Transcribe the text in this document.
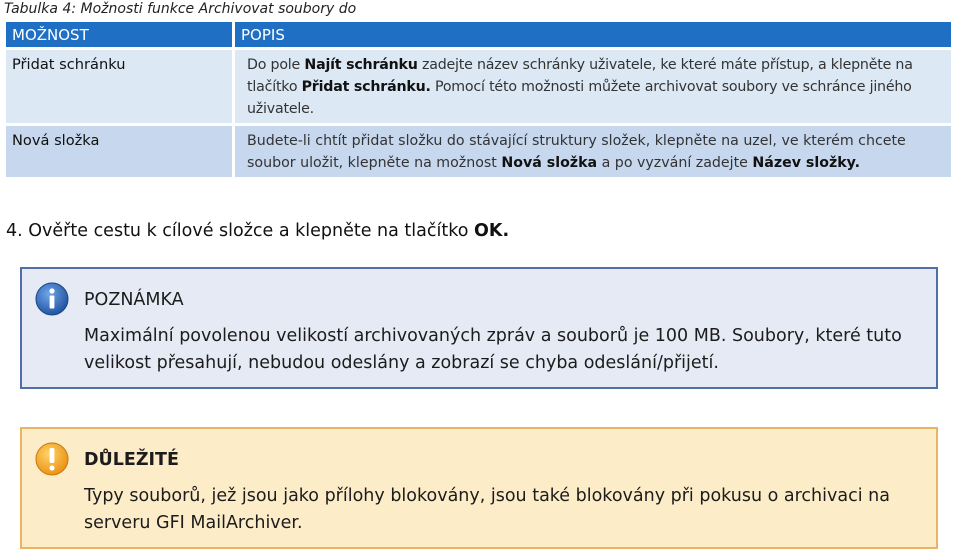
Tabulka 4: Možnosti funkce Archivovat soubory do
MOŽNOST	POPIS
Přidat schránku	Do pole Najít schránku zadejte název schránky uživatele, ke které máte přístup, a klepněte na tlačítko Přidat schránku. Pomocí této možnosti můžete archivovat soubory ve schránce jiného uživatele.
Nová složka	Budete-li chtít přidat složku do stávající struktury složek, klepněte na uzel, ve kterém chcete soubor uložit, klepněte na možnost Nová složka a po vyzvání zadejte Název složky.
4. Ověřte cestu k cílové složce a klepněte na tlačítko OK.
POZNÁMKA
Maximální povolenou velikostí archivovaných zpráv a souborů je 100 MB. Soubory, které tuto velikost přesahují, nebudou odeslány a zobrazí se chyba odeslání/přijetí.
DŮLEŽITÉ
Typy souborů, jež jsou jako přílohy blokovány, jsou také blokovány při pokusu o archivaci na serveru GFI MailArchiver.
